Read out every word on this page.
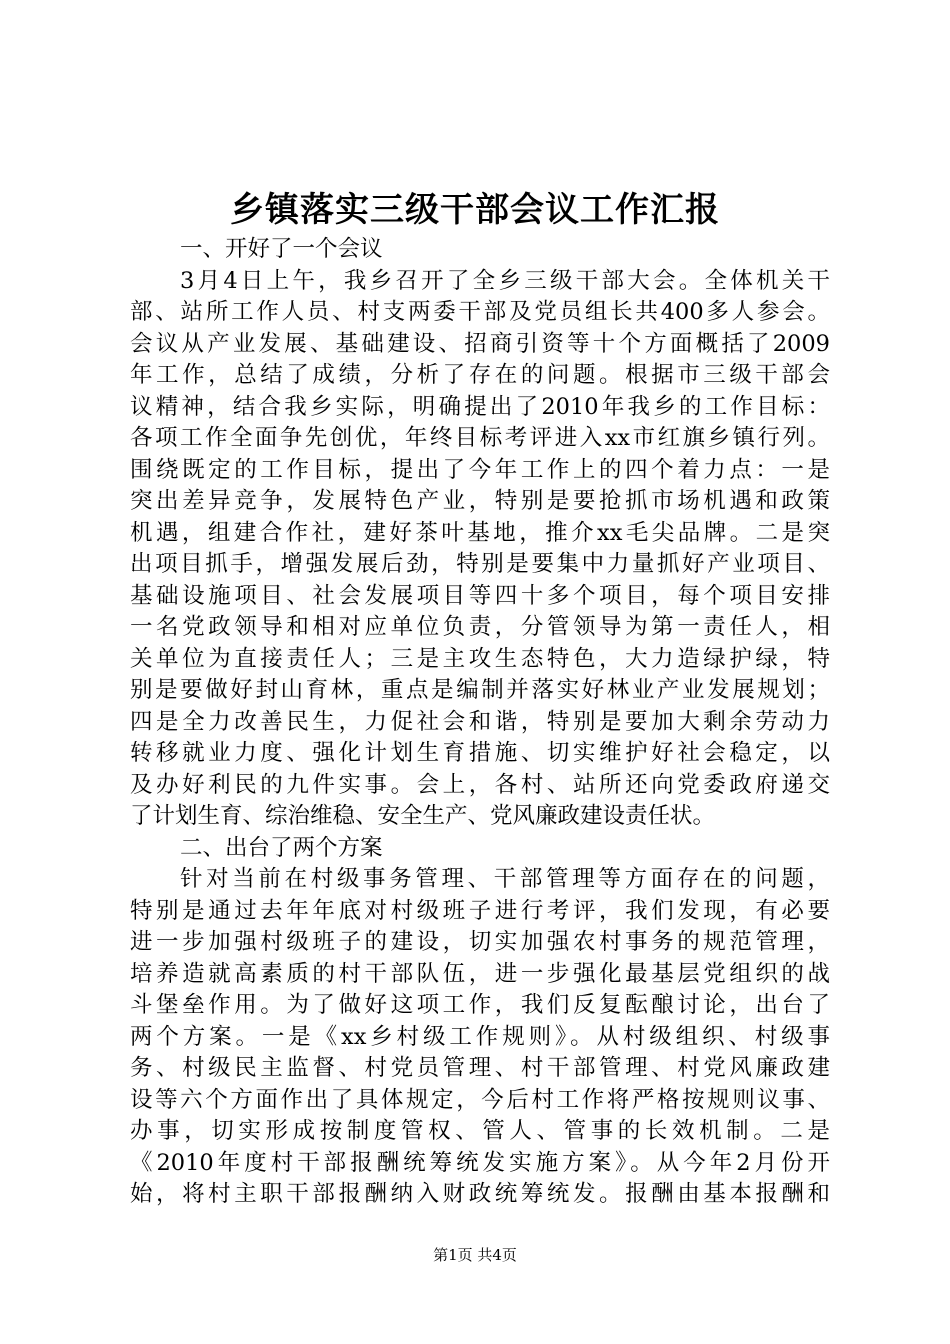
乡镇落实三级干部会议工作汇报
一、开好了一个会议
3月4日上午，我乡召开了全乡三级干部大会。全体机关干
部、站所工作人员、村支两委干部及党员组长共400多人参会。
会议从产业发展、基础建设、招商引资等十个方面概括了2009
年工作，总结了成绩，分析了存在的问题。根据市三级干部会
议精神，结合我乡实际，明确提出了2010年我乡的工作目标：
各项工作全面争先创优，年终目标考评进入xx市红旗乡镇行列。
围绕既定的工作目标，提出了今年工作上的四个着力点：一是
突出差异竞争，发展特色产业，特别是要抢抓市场机遇和政策
机遇，组建合作社，建好茶叶基地，推介xx毛尖品牌。二是突
出项目抓手，增强发展后劲，特别是要集中力量抓好产业项目、
基础设施项目、社会发展项目等四十多个项目，每个项目安排
一名党政领导和相对应单位负责，分管领导为第一责任人，相
关单位为直接责任人；三是主攻生态特色，大力造绿护绿，特
别是要做好封山育林，重点是编制并落实好林业产业发展规划；
四是全力改善民生，力促社会和谐，特别是要加大剩余劳动力
转移就业力度、强化计划生育措施、切实维护好社会稳定，以
及办好利民的九件实事。会上，各村、站所还向党委政府递交
了计划生育、综治维稳、安全生产、党风廉政建设责任状。
二、出台了两个方案
针对当前在村级事务管理、干部管理等方面存在的问题，
特别是通过去年年底对村级班子进行考评，我们发现，有必要
进一步加强村级班子的建设，切实加强农村事务的规范管理，
培养造就高素质的村干部队伍，进一步强化最基层党组织的战
斗堡垒作用。为了做好这项工作，我们反复酝酿讨论，出台了
两个方案。一是《xx乡村级工作规则》。从村级组织、村级事
务、村级民主监督、村党员管理、村干部管理、村党风廉政建
设等六个方面作出了具体规定，今后村工作将严格按规则议事、
办事，切实形成按制度管权、管人、管事的长效机制。二是
《2010年度村干部报酬统筹统发实施方案》。从今年2月份开
始，将村主职干部报酬纳入财政统筹统发。报酬由基本报酬和
第1页 共4页
